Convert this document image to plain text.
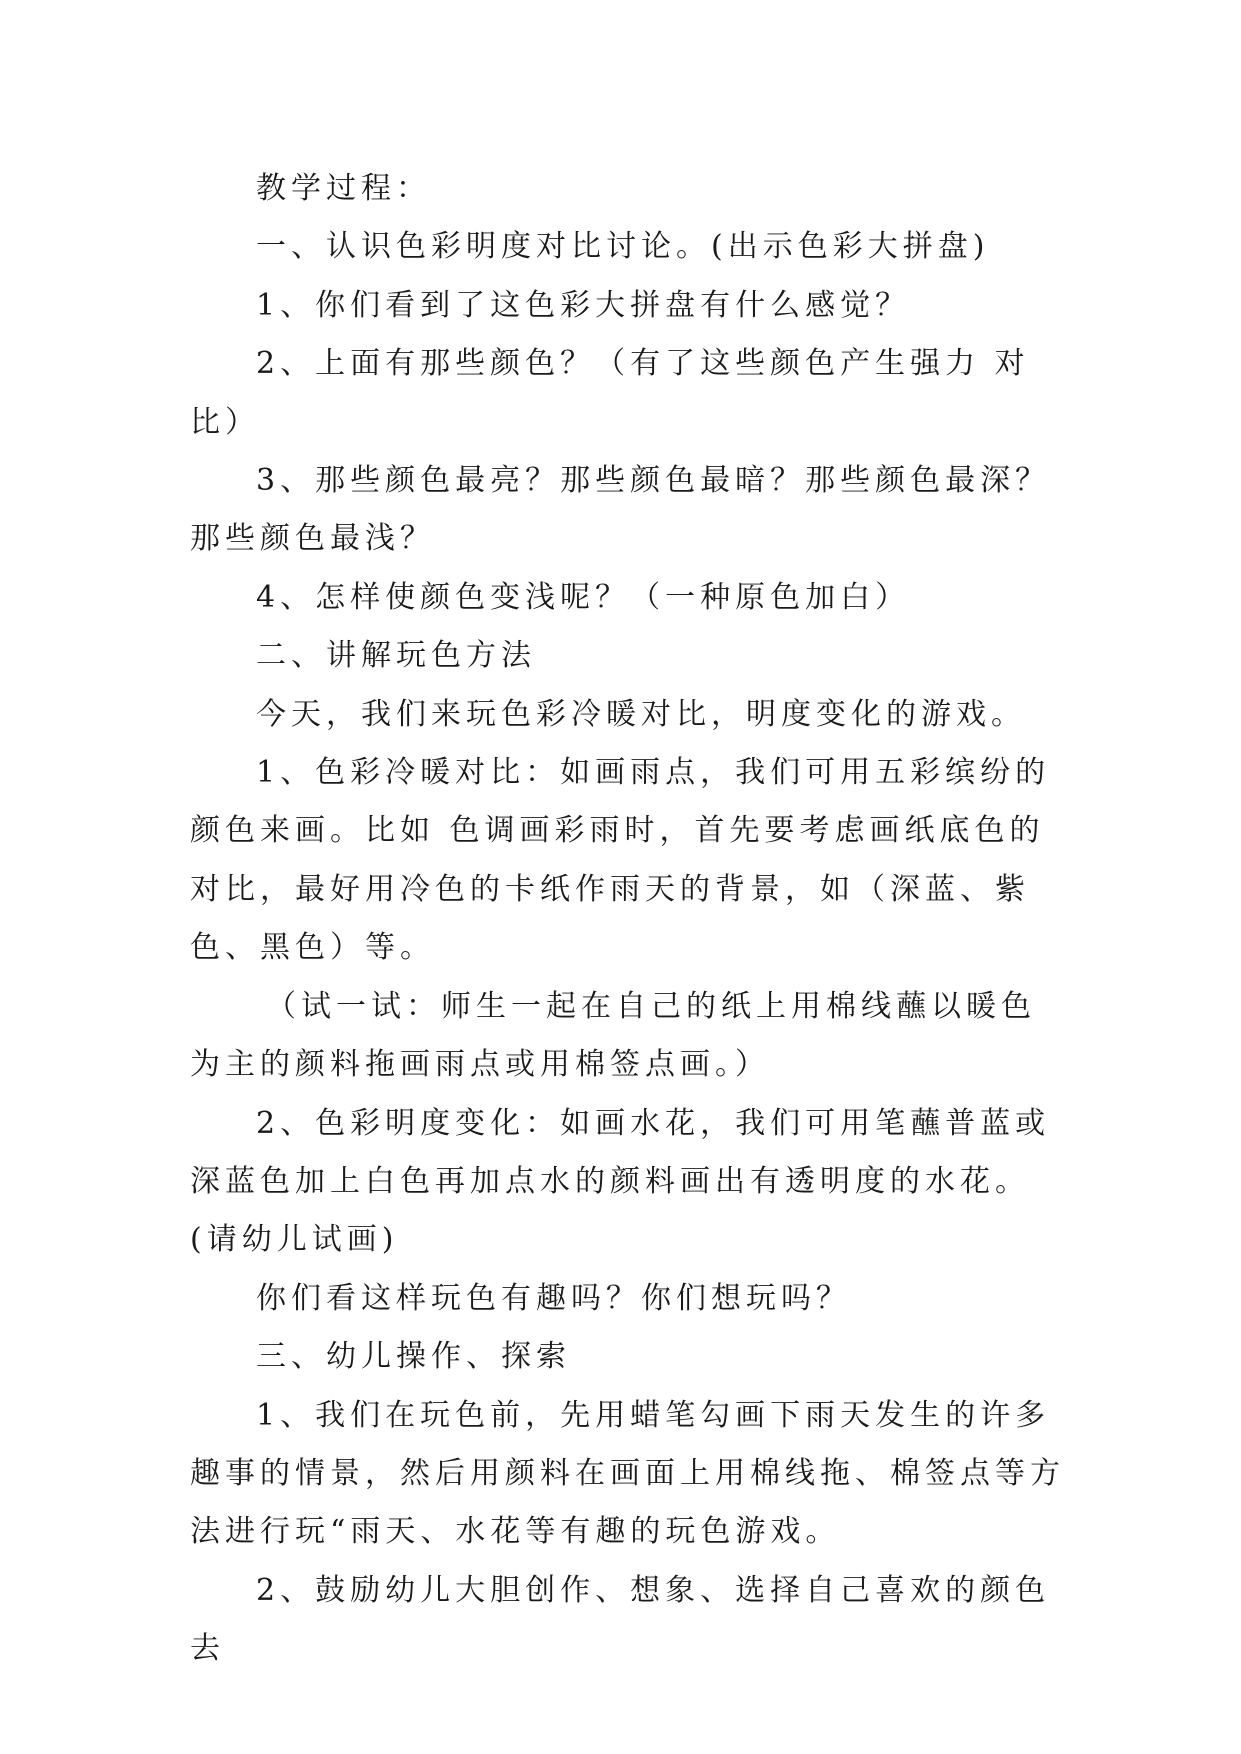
教学过程：

一、认识色彩明度对比讨论。(出示色彩大拼盘)

1、你们看到了这色彩大拼盘有什么感觉？

2、上面有那些颜色？（有了这些颜色产生强力 对比）

3、那些颜色最亮？那些颜色最暗？那些颜色最深？那些颜色最浅？

4、怎样使颜色变浅呢？（一种原色加白）

二、讲解玩色方法

今天，我们来玩色彩冷暖对比，明度变化的游戏。

1、色彩冷暖对比：如画雨点，我们可用五彩缤纷的颜色来画。比如 色调画彩雨时，首先要考虑画纸底色的对比，最好用冷色的卡纸作雨天的背景，如（深蓝、紫色、黑色）等。

（试一试：师生一起在自己的纸上用棉线蘸以暖色为主的颜料拖画雨点或用棉签点画。）

2、色彩明度变化：如画水花，我们可用笔蘸普蓝或深蓝色加上白色再加点水的颜料画出有透明度的水花。(请幼儿试画)

你们看这样玩色有趣吗？你们想玩吗？

三、幼儿操作、探索

1、我们在玩色前，先用蜡笔勾画下雨天发生的许多趣事的情景，然后用颜料在画面上用棉线拖、棉签点等方法进行玩“雨天、水花等有趣的玩色游戏。

2、鼓励幼儿大胆创作、想象、选择自己喜欢的颜色去
